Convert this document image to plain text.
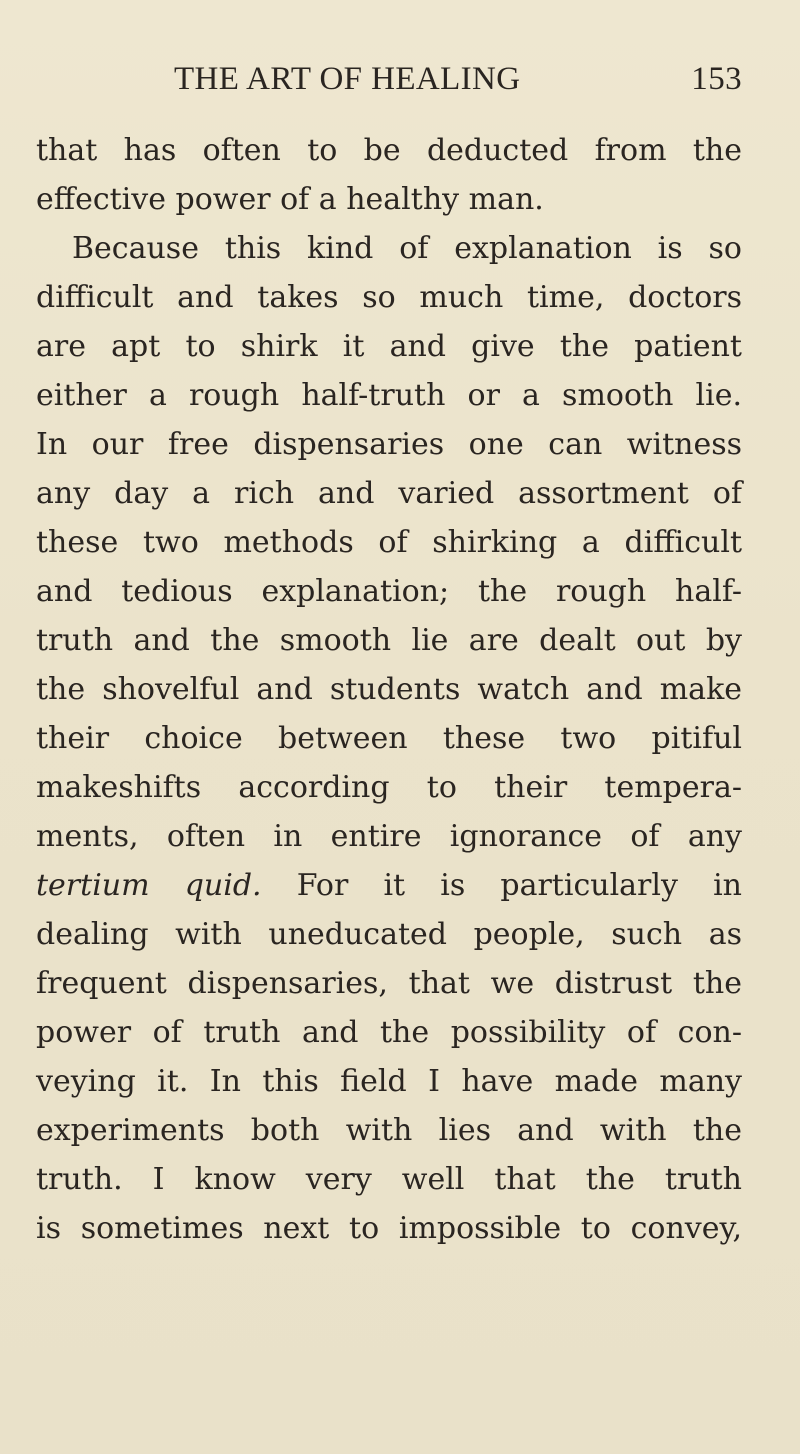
THE ART OF HEALING	153
that has often to be deducted from the
effective power of a healthy man.
Because this kind of explanation is so
difficult and takes so much time, doctors
are apt to shirk it and give the patient
either a rough half-truth or a smooth lie.
In our free dispensaries one can witness
any day a rich and varied assortment of
these two methods of shirking a difficult
and tedious explanation; the rough half-
truth and the smooth lie are dealt out by
the shovelful and students watch and make
their choice between these two pitiful
makeshifts according to their tempera-
ments, often in entire ignorance of any
tertium quid. For it is particularly in
dealing with uneducated people, such as
frequent dispensaries, that we distrust the
power of truth and the possibility of con-
veying it. In this field I have made many
experiments both with lies and with the
truth. I know very well that the truth
is sometimes next to impossible to convey,
